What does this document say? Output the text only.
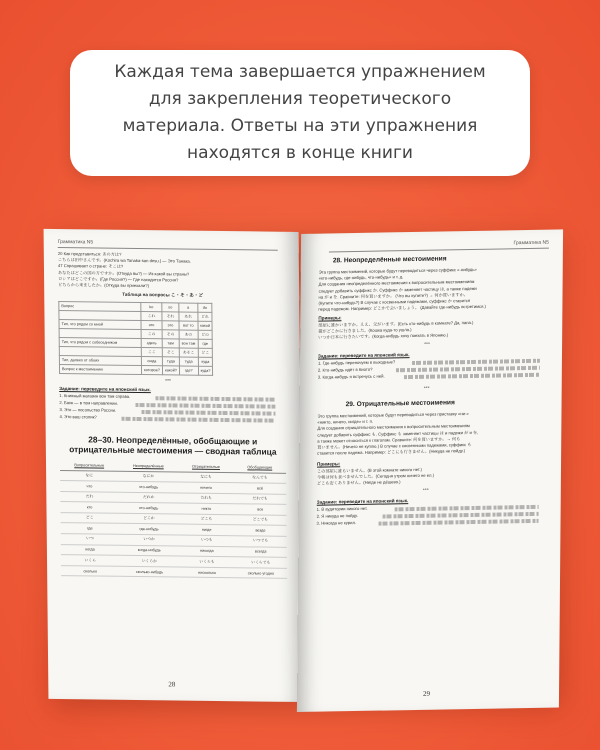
Каждая тема завершается упражнением
для закрепления теоретического
материала. Ответы на эти упражнения
находятся в конце книги
Грамматика N5
20 Как представиться: あの方は?
こちらは田中さんです。(Kochira wa Tanaka-san desu.) — Это Танака.
47 Спрашивает о стране: そこは?
あなたはどこの国の方ですか。(Откуда вы?) — Из какой вы страны?
ロシアはどこですか。(Где Россия?) — Где находится Россия?
どちらから来ましたか。(Откуда вы приехали?)
Таблица на вопросы こ・そ・あ・ど
Вопрос	ko	so	a	do
	これ	それ	あれ	どれ
Тип, что рядом со мной	это	это	вот то	какой
	この	その	あの	どの
Тип, что рядом с собеседником	здесь	там	вон там	где
	ここ	そこ	あそこ	どこ
Тип, далеко от обоих	сюда	туда	туда	куда
Вопрос к местоимению	которое?	какой?	где?	куда?
***
Задание: переведите на японский язык.
1. Книжный магазин вон там справа.
2. Банк — в том направлении.
3. Это — посольство России.
4. Это ваш столик?
28–30. Неопределённые, обобщающие и отрицательные местоимения — сводная таблица
Вопросительные	Неопределённые	Отрицательные	Обобщающие
なに	なにか	なにも	なんでも
что	что-нибудь	ничего	всё
だれ	だれか	だれも	だれでも
кто	кто-нибудь	никто	все
どこ	どこか	どこも	どこでも
где	где-нибудь	нигде	везде
いつ	いつか	いつも	いつでも
когда	когда-нибудь	никогда	всегда
いくら	いくらか	いくらも	いくらでも
сколько	сколько-нибудь	нисколько	сколько угодно
28
Грамматика N5
28. Неопределённые местоимения
Эта группа местоимений, которые будут переводиться через суффикс «-нибудь»
«кто-нибудь, где-нибудь, что-нибудь» и т. д.
Для создания неопределённого местоимения к вопросительным местоимениям
следует добавить суффикс か. Суффикс か заменяет частицу は, а также падежи
на が и を. Сравните: 何を買いますか。 (Что вы купите?) → 何か買いますか。
(Купите что-нибудь?) В случае с косвенными падежами, суффикс か ставится
перед падежом. Например: どこかで会いましょう。 (Давайте где-нибудь встретимся.)
Примеры:
部屋に誰かいますか。ええ、父がいます。(Есть кто-нибудь в комнате? Да, папа.)
猫がどこかに行きました。(Кошка куда-то ушла.)
いつか日本に行きたいです。(Когда-нибудь хочу поехать в Японию.)
***
Задание: переведите на японский язык.
1. Где-нибудь переночуем в выходные?
2. Кто-нибудь идёт в Киото?
3. Когда-нибудь я встречусь с ней.
***
29. Отрицательные местоимения
Это группа местоимений, которые будут переводиться через приставку «ни-»
«никто, ничего, нигде» и т. п.
Для создания отрицательного местоимения к вопросительным местоимениям
следует добавить суффикс も. Суффикс も заменяет частицы は и падежи が и を,
а также может относиться к глаголам. Сравните: 何を買いますか。→ 何も
買いません。(Ничего не куплю.) В случае с косвенными падежами, суффикс も
ставится после падежа. Например: どこにも行きません。(Никуда не пойду.)
Примеры:
この部屋に誰もいません。(В этой комнате никого нет.)
今朝は何も食べませんでした。(Сегодня утром ничего не ел.)
どこも安くありません。(Нигде не дёшево.)
***
Задание: переведите на японский язык.
1. В аудитории никого нет.
2. Я никуда не пойду.
3. Никогда не курил.
29
